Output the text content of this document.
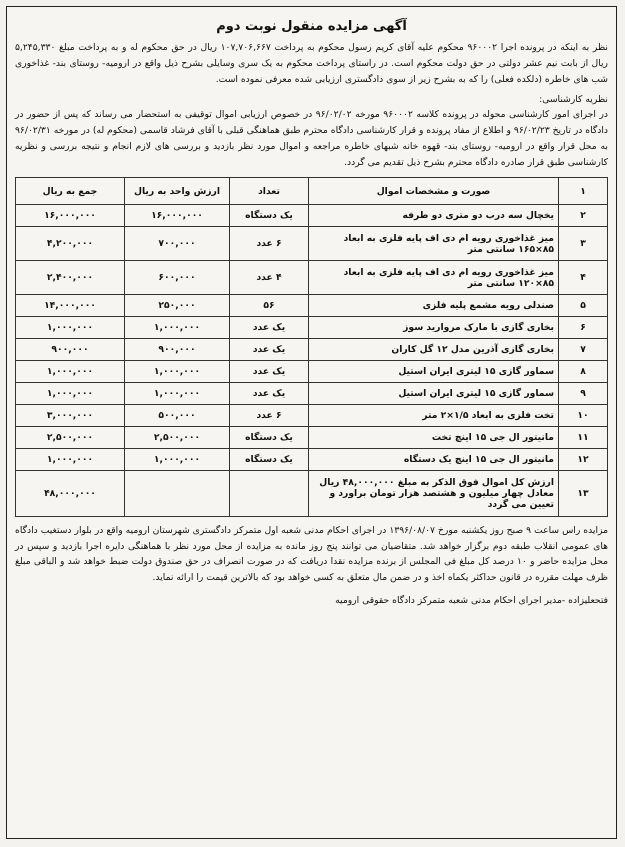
آگهی مزایده منقول نوبت دوم

نظر به اینکه در پرونده اجرا ۹۶۰۰۰۲ محکوم علیه آقای کریم رسول محکوم به پرداخت ۱۰۷,۷۰۶,۶۶۷ ریال در حق محکوم له و به پرداخت مبلغ ۵,۲۴۵,۳۳۰ ریال از بابت نیم عشر دولتی در حق دولت محکوم است. در راستای پرداخت محکوم به یک سری وسایلی بشرح ذیل واقع در ارومیه- روستای بند- غذاخوری شب های خاطره (دلکده فعلی) را که به بشرح زیر از سوی دادگستری ارزیابی شده معرفی نموده است.

نظریه کارشناسی:

در اجرای امور کارشناسی محوله در پرونده کلاسه ۹۶۰۰۰۲ مورخه ۹۶/۰۲/۰۲ در خصوص ارزیابی اموال توقیفی به استحضار می رساند که پس از حضور در دادگاه در تاریخ ۹۶/۰۲/۲۳ و اطلاع از مفاد پرونده و قرار کارشناسی دادگاه محترم طبق هماهنگی قبلی با آقای فرشاد قاسمی (محکوم له) در مورخه ۹۶/۰۲/۳۱ به محل قرار واقع در ارومیه- روستای بند- قهوه خانه شبهای خاطره مراجعه و اموال مورد نظر بازدید و بررسی های لازم انجام و نتیجه بررسی و نظریه کارشناسی طبق قرار صادره دادگاه محترم بشرح ذیل تقدیم می گردد.

۱	صورت و مشخصات اموال	تعداد	ارزش واحد به ریال	جمع به ریال
۲	یخچال سه درب دو متری دو طرفه	یک دستگاه	۱۶,۰۰۰,۰۰۰	۱۶,۰۰۰,۰۰۰
۳	میز غذاخوری رویه ام دی اف پایه فلزی به ابعاد ۸۵×۱۶۵ سانتی متر	۶ عدد	۷۰۰,۰۰۰	۴,۲۰۰,۰۰۰
۴	میز غذاخوری رویه ام دی اف پایه فلزی به ابعاد ۸۵×۱۲۰ سانتی متر	۴ عدد	۶۰۰,۰۰۰	۲,۴۰۰,۰۰۰
۵	صندلی رویه مشمع پلیه فلزی	۵۶	۲۵۰,۰۰۰	۱۴,۰۰۰,۰۰۰
۶	بخاری گازی با مارک مروارید سوز	یک عدد	۱,۰۰۰,۰۰۰	۱,۰۰۰,۰۰۰
۷	بخاری گازی آذرین مدل ۱۲ گل کاران	یک عدد	۹۰۰,۰۰۰	۹۰۰,۰۰۰
۸	سماور گازی ۱۵ لیتری ایران استیل	یک عدد	۱,۰۰۰,۰۰۰	۱,۰۰۰,۰۰۰
۹	سماور گازی ۱۵ لیتری ایران استیل	یک عدد	۱,۰۰۰,۰۰۰	۱,۰۰۰,۰۰۰
۱۰	تخت فلزی به ابعاد ۱/۵×۲ متر	۶ عدد	۵۰۰,۰۰۰	۳,۰۰۰,۰۰۰
۱۱	مانیتور ال جی ۱۵ اینچ تخت	یک دستگاه	۲,۵۰۰,۰۰۰	۲,۵۰۰,۰۰۰
۱۲	مانیتور ال جی ۱۵ اینچ یک دستگاه	یک دستگاه	۱,۰۰۰,۰۰۰	۱,۰۰۰,۰۰۰
۱۳	ارزش کل اموال فوق الذکر به مبلغ ۴۸,۰۰۰,۰۰۰ ریال معادل چهار میلیون و هشتصد هزار تومان براورد و تعیین می گردد			۴۸,۰۰۰,۰۰۰

مزایده راس ساعت ۹ صبح روز یکشنبه مورخ ۱۳۹۶/۰۸/۰۷ در اجرای احکام مدنی شعبه اول متمرکز دادگستری شهرستان ارومیه واقع در بلوار دستغیب دادگاه های عمومی انقلاب طبقه دوم برگزار خواهد شد. متقاضیان می توانند پنج روز مانده به مزایده از محل مورد نظر با هماهنگی دایره اجرا بازدید و سپس در محل مزایده حاضر و ۱۰ درصد کل مبلغ فی المجلس از برنده مزایده نقدا دریافت که در صورت انصراف در حق صندوق دولت ضبط خواهد شد و الباقی مبلغ ظرف مهلت مقرره در قانون حداکثر یکماه اخذ و در ضمن مال متعلق به کسی خواهد بود که بالاترین قیمت را ارائه نماید.

فتحعلیزاده -مدیر اجرای احکام مدنی شعبه متمرکز دادگاه حقوقی ارومیه
